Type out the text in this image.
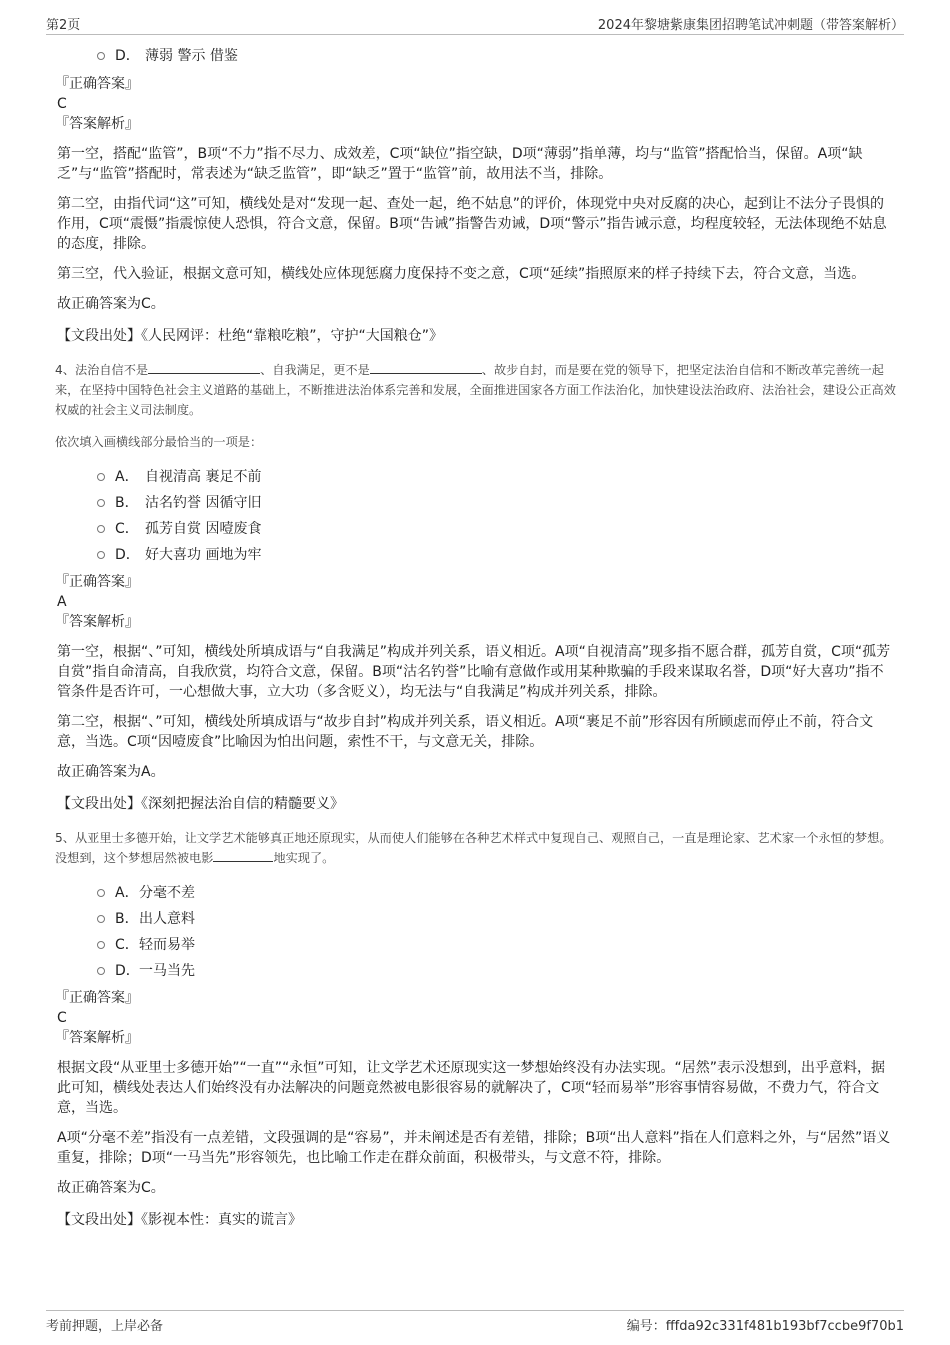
第2页	2024年黎塘紫康集团招聘笔试冲刺题（带答案解析）
D． 薄弱 警示 借鉴
『正确答案』
C
『答案解析』
第一空，搭配“监管”，B项“不力”指不尽力、成效差，C项“缺位”指空缺，D项“薄弱”指单薄，均与“监管”搭配恰当，保留。A项“缺乏”与“监管”搭配时，常表述为“缺乏监管”，即“缺乏”置于“监管”前，故用法不当，排除。
第二空，由指代词“这”可知，横线处是对“发现一起、查处一起，绝不姑息”的评价，体现党中央对反腐的决心，起到让不法分子畏惧的作用，C项“震慑”指震惊使人恐惧，符合文意，保留。B项“告诫”指警告劝诫，D项“警示”指告诫示意，均程度较轻，无法体现绝不姑息的态度，排除。
第三空，代入验证，根据文意可知，横线处应体现惩腐力度保持不变之意，C项“延续”指照原来的样子持续下去，符合文意，当选。
故正确答案为C。
【文段出处】《人民网评：杜绝“靠粮吃粮”，守护“大国粮仓”》
4、法治自信不是	、自我满足，更不是	、故步自封，而是要在党的领导下，把坚定法治自信和不断改革完善统一起来，在坚持中国特色社会主义道路的基础上，不断推进法治体系完善和发展，全面推进国家各方面工作法治化，加快建设法治政府、法治社会，建设公正高效权威的社会主义司法制度。
依次填入画横线部分最恰当的一项是：
A． 自视清高 裹足不前
B． 沽名钓誉 因循守旧
C． 孤芳自赏 因噎废食
D． 好大喜功 画地为牢
『正确答案』
A
『答案解析』
第一空，根据“、”可知，横线处所填成语与“自我满足”构成并列关系，语义相近。A项“自视清高”现多指不愿合群，孤芳自赏，C项“孤芳自赏”指自命清高，自我欣赏，均符合文意，保留。B项“沽名钓誉”比喻有意做作或用某种欺骗的手段来谋取名誉，D项“好大喜功”指不管条件是否许可，一心想做大事，立大功（多含贬义），均无法与“自我满足”构成并列关系，排除。
第二空，根据“、”可知，横线处所填成语与“故步自封”构成并列关系，语义相近。A项“裹足不前”形容因有所顾虑而停止不前，符合文意，当选。C项“因噎废食”比喻因为怕出问题，索性不干，与文意无关，排除。
故正确答案为A。
【文段出处】《深刻把握法治自信的精髓要义》
5、从亚里士多德开始，让文学艺术能够真正地还原现实，从而使人们能够在各种艺术样式中复现自己、观照自己，一直是理论家、艺术家一个永恒的梦想。没想到，这个梦想居然被电影	地实现了。
A．分毫不差
B．出人意料
C．轻而易举
D．一马当先
『正确答案』
C
『答案解析』
根据文段“从亚里士多德开始”“一直”“永恒”可知，让文学艺术还原现实这一梦想始终没有办法实现。“居然”表示没想到，出乎意料，据此可知，横线处表达人们始终没有办法解决的问题竟然被电影很容易的就解决了，C项“轻而易举”形容事情容易做，不费力气，符合文意，当选。
A项“分毫不差”指没有一点差错，文段强调的是“容易”，并未阐述是否有差错，排除；B项“出人意料”指在人们意料之外，与“居然”语义重复，排除；D项“一马当先”形容领先，也比喻工作走在群众前面，积极带头，与文意不符，排除。
故正确答案为C。
【文段出处】《影视本性：真实的谎言》
考前押题，上岸必备	编号：fffda92c331f481b193bf7ccbe9f70b1
